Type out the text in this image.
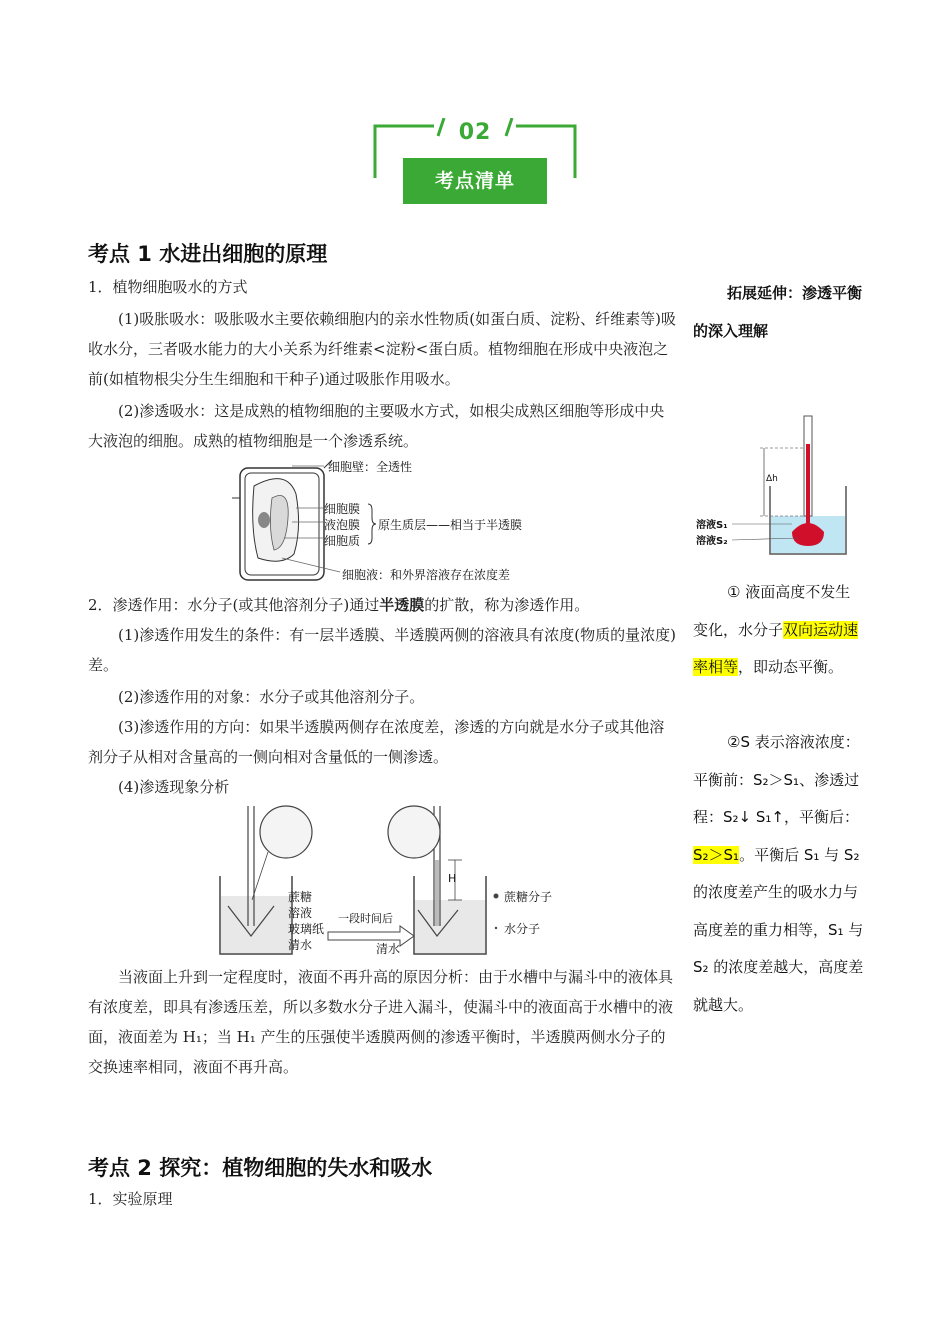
02
考点清单
考点 1 水进出细胞的原理
1．植物细胞吸水的方式
(1)吸胀吸水：吸胀吸水主要依赖细胞内的亲水性物质(如蛋白质、淀粉、纤维素等)吸收水分，三者吸水能力的大小关系为纤维素<淀粉<蛋白质。植物细胞在形成中央液泡之前(如植物根尖分生生细胞和干种子)通过吸胀作用吸水。
(2)渗透吸水：这是成熟的植物细胞的主要吸水方式，如根尖成熟区细胞等形成中央大液泡的细胞。成熟的植物细胞是一个渗透系统。
细胞壁：全透性
细胞膜
液泡膜
细胞质
原生质层——相当于半透膜
细胞液：和外界溶液存在浓度差
2．渗透作用：水分子(或其他溶剂分子)通过半透膜的扩散，称为渗透作用。
(1)渗透作用发生的条件：有一层半透膜、半透膜两侧的溶液具有浓度(物质的量浓度)差。
(2)渗透作用的对象：水分子或其他溶剂分子。
(3)渗透作用的方向：如果半透膜两侧存在浓度差，渗透的方向就是水分子或其他溶剂分子从相对含量高的一侧向相对含量低的一侧渗透。
(4)渗透现象分析
蔗糖
溶液
玻璃纸
清水
一段时间后
清水
H
蔗糖分子
水分子
当液面上升到一定程度时，液面不再升高的原因分析：由于水槽中与漏斗中的液体具有浓度差，即具有渗透压差，所以多数水分子进入漏斗，使漏斗中的液面高于水槽中的液面，液面差为 H₁；当 H₁ 产生的压强使半透膜两侧的渗透平衡时，半透膜两侧水分子的交换速率相同，液面不再升高。
拓展延伸：渗透平衡的深入理解
Δh
溶液S₁
溶液S₂
① 液面高度不发生变化，水分子双向运动速率相等，即动态平衡。
②S 表示溶液浓度：平衡前：S₂＞S₁、渗透过程：S₂↓ S₁↑，平衡后：S₂＞S₁。平衡后 S₁ 与 S₂ 的浓度差产生的吸水力与高度差的重力相等，S₁ 与 S₂ 的浓度差越大，高度差就越大。
考点 2 探究：植物细胞的失水和吸水
1．实验原理
